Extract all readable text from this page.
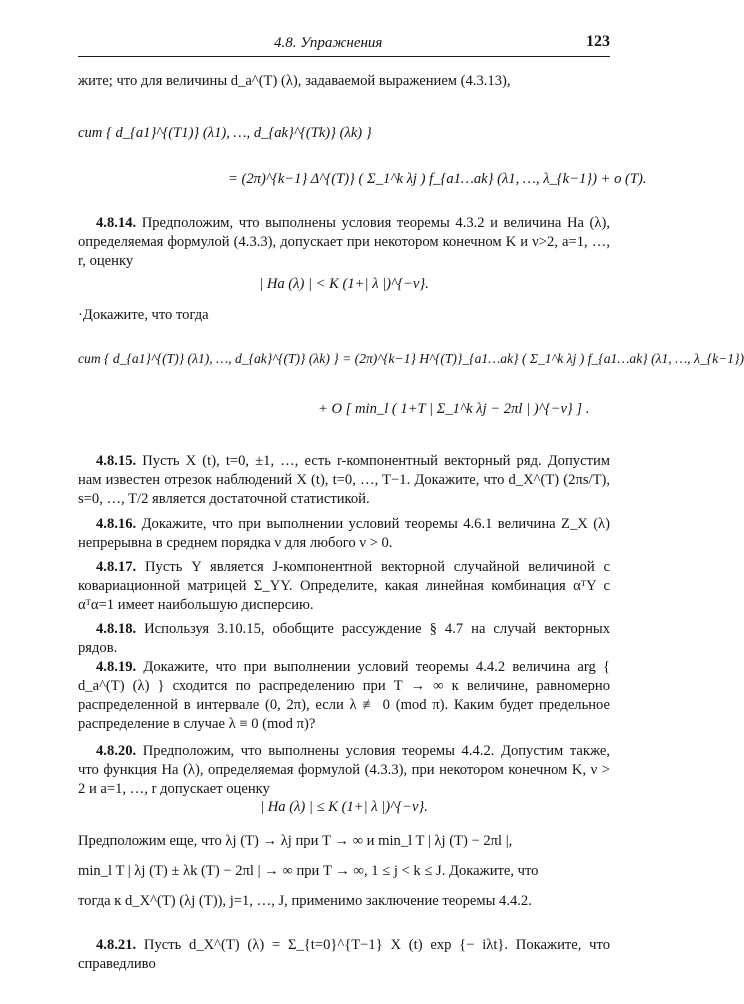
4.8. Упражнения	123
жите; что для величины d_a^(T) (λ), задаваемой выражением (4.3.13),
cum { d_{a1}^{(T1)} (λ1), …, d_{ak}^{(Tk)} (λk) }
= (2π)^{k−1} Δ^{(T)} ( Σ_1^k λj ) f_{a1…ak} (λ1, …, λ_{k−1}) + o (T).
4.8.14. Предположим, что выполнены условия теоремы 4.3.2 и величина Ha (λ), определяемая формулой (4.3.3), допускает при некотором конечном K и ν>2, a=1, …, r, оценку
| Ha (λ) | < K (1+| λ |)^{−ν}.
·Докажите, что тогда
cum { d_{a1}^{(T)} (λ1), …, d_{ak}^{(T)} (λk) } = (2π)^{k−1} H^{(T)}_{a1…ak} ( Σ_1^k λj ) f_{a1…ak} (λ1, …, λ_{k−1})
+ O [ min_l ( 1+T | Σ_1^k λj − 2πl | )^{−ν} ] .
4.8.15. Пусть X (t), t=0, ±1, …, есть r-компонентный векторный ряд. Допустим нам известен отрезок наблюдений X (t), t=0, …, T−1. Докажите, что d_X^(T) (2πs/T), s=0, …, T/2 является достаточной статистикой.
4.8.16. Докажите, что при выполнении условий теоремы 4.6.1 величина Z_X (λ) непрерывна в среднем порядка ν для любого ν > 0.
4.8.17. Пусть Y является J-компонентной векторной случайной величиной с ковариационной матрицей Σ_YY. Определите, какая линейная комбинация αᵀY с αᵀα=1 имеет наибольшую дисперсию.
4.8.18. Используя 3.10.15, обобщите рассуждение § 4.7 на случай векторных рядов.
4.8.19. Докажите, что при выполнении условий теоремы 4.4.2 величина arg { d_a^(T) (λ) } сходится по распределению при T → ∞ к величине, равномерно распределенной в интервале (0, 2π), если λ ≢ 0 (mod π). Каким будет предельное распределение в случае λ ≡ 0 (mod π)?
4.8.20. Предположим, что выполнены условия теоремы 4.4.2. Допустим также, что функция Ha (λ), определяемая формулой (4.3.3), при некотором конечном K, ν > 2 и a=1, …, r допускает оценку
| Ha (λ) | ≤ K (1+| λ |)^{−ν}.
Предположим еще, что λj (T) → λj при T → ∞ и min_l T | λj (T) − 2πl |,
min_l T | λj (T) ± λk (T) − 2πl | → ∞ при T → ∞, 1 ≤ j < k ≤ J. Докажите, что
тогда к d_X^(T) (λj (T)), j=1, …, J, применимо заключение теоремы 4.4.2.
4.8.21. Пусть d_X^(T) (λ) = Σ_{t=0}^{T−1} X (t) exp {− iλt}. Покажите, что справедливо
